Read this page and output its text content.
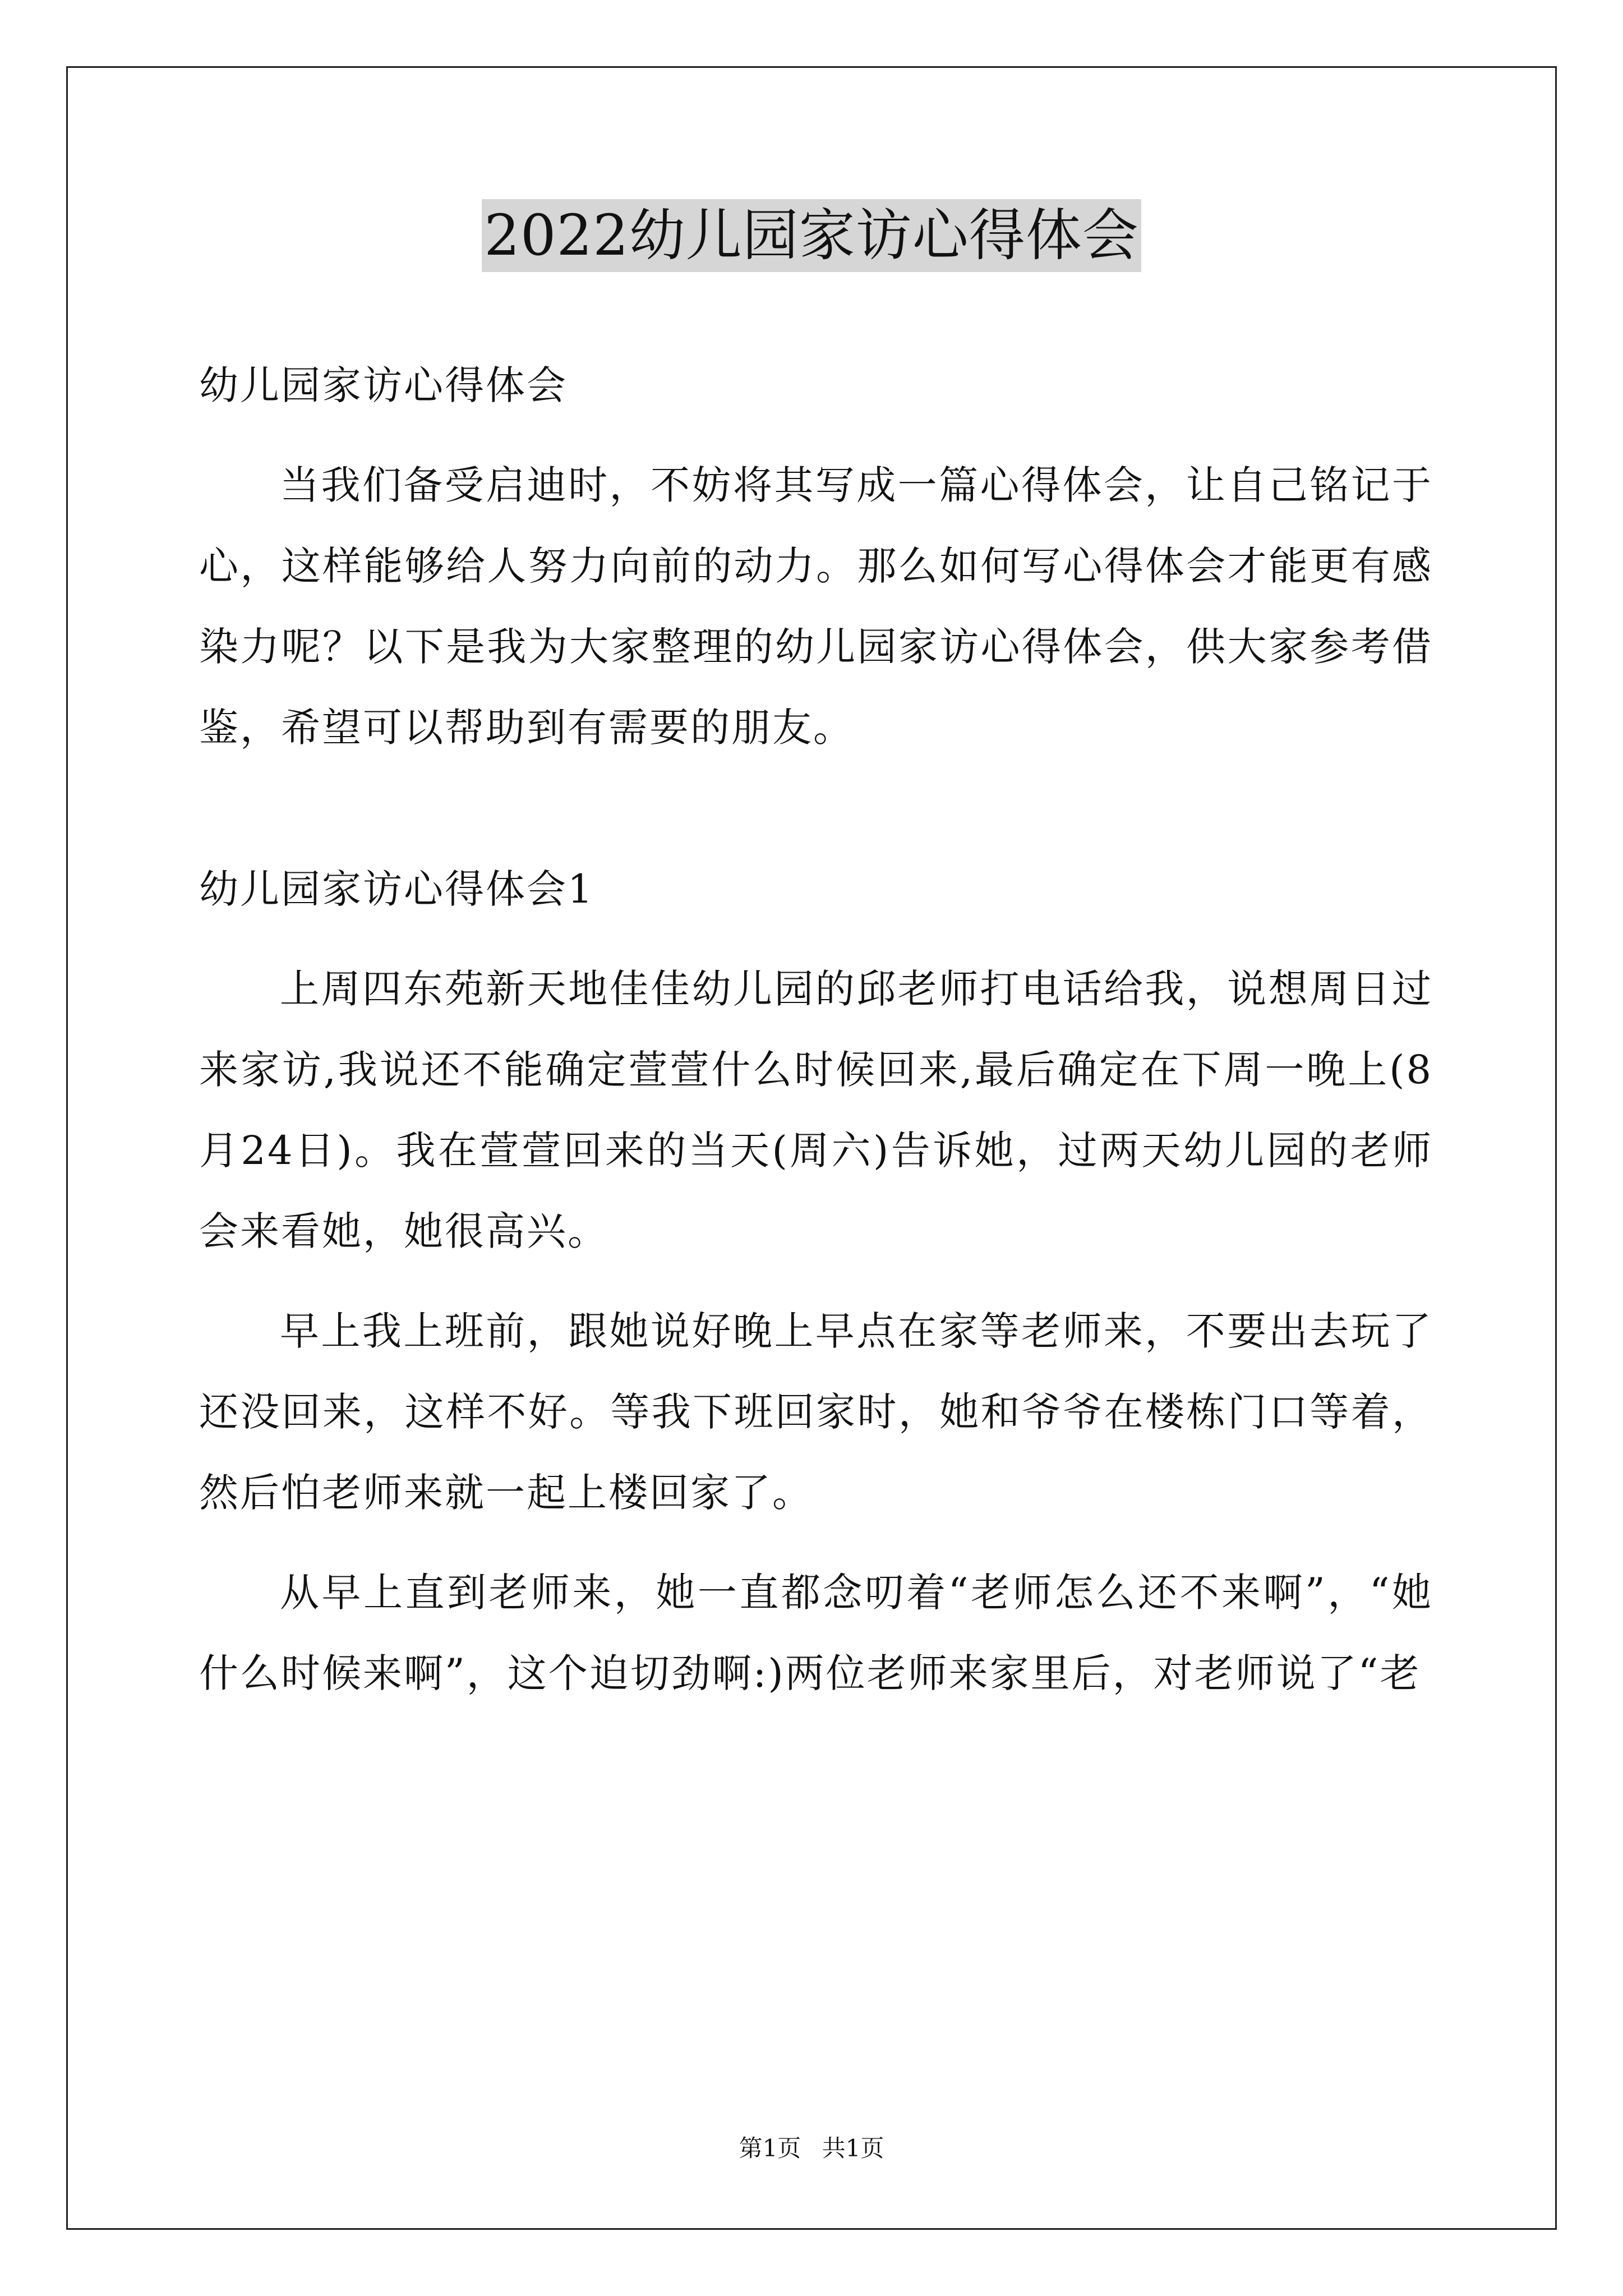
2022幼儿园家访心得体会

幼儿园家访心得体会

当我们备受启迪时，不妨将其写成一篇心得体会，让自己铭记于心，这样能够给人努力向前的动力。那么如何写心得体会才能更有感染力呢？以下是我为大家整理的幼儿园家访心得体会，供大家参考借鉴，希望可以帮助到有需要的朋友。

幼儿园家访心得体会1

上周四东苑新天地佳佳幼儿园的邱老师打电话给我，说想周日过来家访,我说还不能确定萱萱什么时候回来,最后确定在下周一晚上(8月24日)。我在萱萱回来的当天(周六)告诉她，过两天幼儿园的老师会来看她，她很高兴。

早上我上班前，跟她说好晚上早点在家等老师来，不要出去玩了还没回来，这样不好。等我下班回家时，她和爷爷在楼栋门口等着，然后怕老师来就一起上楼回家了。

从早上直到老师来，她一直都念叨着“老师怎么还不来啊”，“她什么时候来啊”，这个迫切劲啊:)两位老师来家里后，对老师说了“老

第1页 共1页
